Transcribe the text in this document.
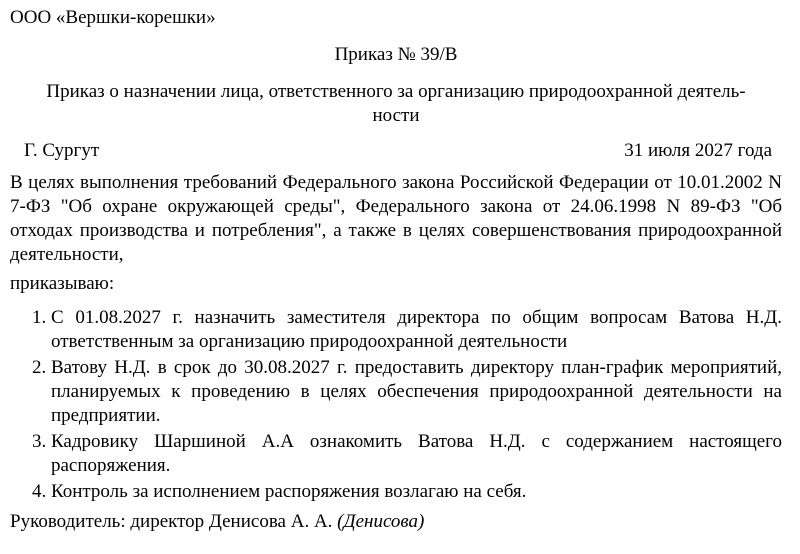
ООО «Вершки-корешки»
Приказ № 39/В
Приказ о назначении лица, ответственного за организацию природоохранной деятель-
ности
Г. Сургут	31 июля 2027 года
В целях выполнения требований Федерального закона Российской Федерации от 10.01.2002 N 7-ФЗ "Об охране окружающей среды", Федерального закона от 24.06.1998 N 89-ФЗ "Об отходах производства и потребления", а также в целях совершенствования природоохранной деятельности,
приказываю:
1. С 01.08.2027 г. назначить заместителя директора по общим вопросам Ватова Н.Д. ответственным за организацию природоохранной деятельности
2. Ватову Н.Д. в срок до 30.08.2027 г. предоставить директору план-график мероприятий, планируемых к проведению в целях обеспечения природоохранной деятельности на предприятии.
3. Кадровику Шаршиной А.А ознакомить Ватова Н.Д. с содержанием настоящего распоряжения.
4. Контроль за исполнением распоряжения возлагаю на себя.
Руководитель: директор Денисова А. А. (Денисова)
